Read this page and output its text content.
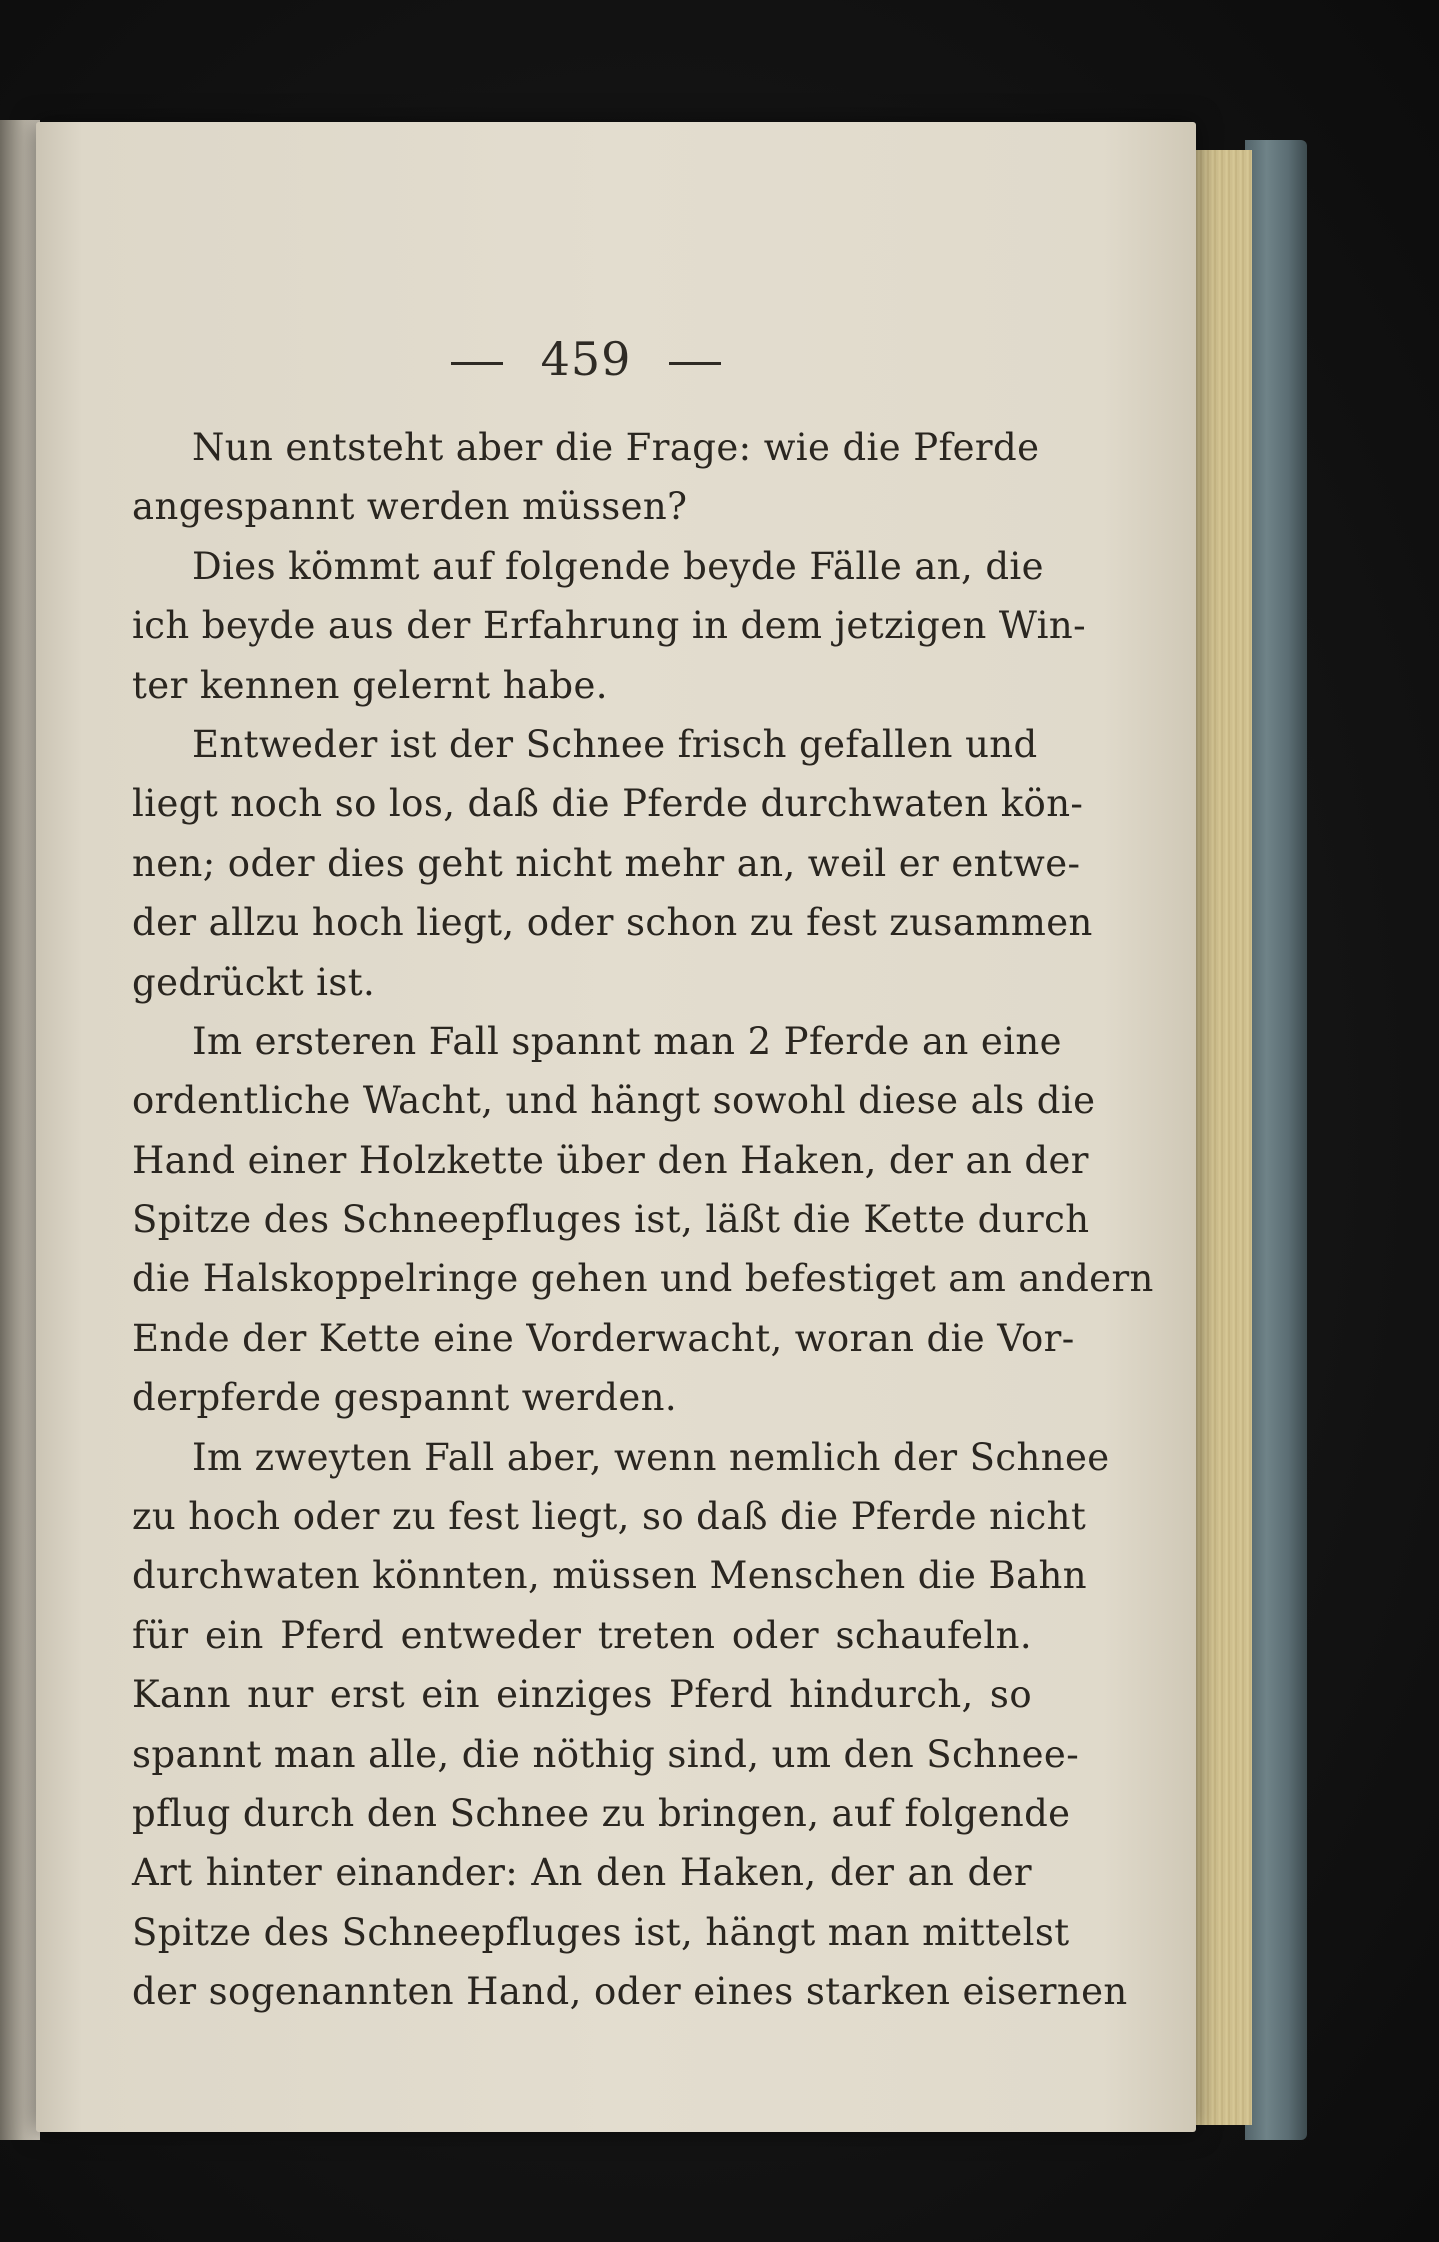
459
Nun entsteht aber die Frage: wie die Pferde
angespannt werden müssen?
Dies kömmt auf folgende beyde Fälle an, die
ich beyde aus der Erfahrung in dem jetzigen Win-
ter kennen gelernt habe.
Entweder ist der Schnee frisch gefallen und
liegt noch so los, daß die Pferde durchwaten kön-
nen; oder dies geht nicht mehr an, weil er entwe-
der allzu hoch liegt, oder schon zu fest zusammen
gedrückt ist.
Im ersteren Fall spannt man 2 Pferde an eine
ordentliche Wacht, und hängt sowohl diese als die
Hand einer Holzkette über den Haken, der an der
Spitze des Schneepfluges ist, läßt die Kette durch
die Halskoppelringe gehen und befestiget am andern
Ende der Kette eine Vorderwacht, woran die Vor-
derpferde gespannt werden.
Im zweyten Fall aber, wenn nemlich der Schnee
zu hoch oder zu fest liegt, so daß die Pferde nicht
durchwaten könnten, müssen Menschen die Bahn
für ein Pferd entweder treten oder schaufeln.
Kann nur erst ein einziges Pferd hindurch, so
spannt man alle, die nöthig sind, um den Schnee-
pflug durch den Schnee zu bringen, auf folgende
Art hinter einander: An den Haken, der an der
Spitze des Schneepfluges ist, hängt man mittelst
der sogenannten Hand, oder eines starken eisernen
